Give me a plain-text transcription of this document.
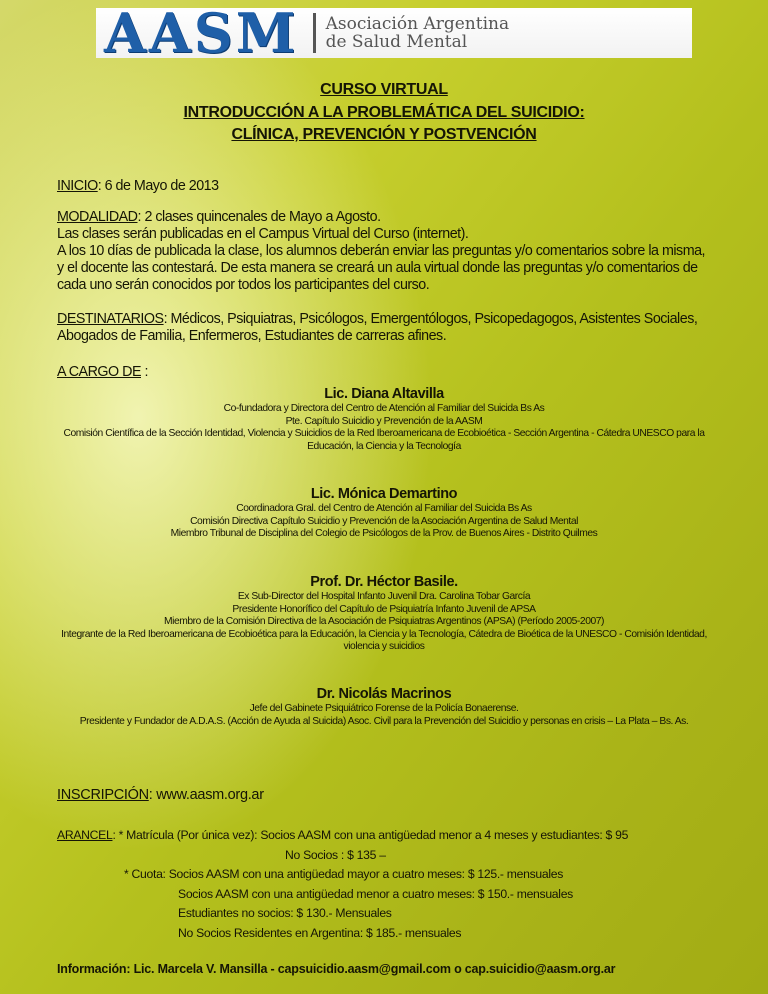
AASM Asociación Argentina
de Salud Mental
CURSO VIRTUAL
INTRODUCCIÓN A LA PROBLEMÁTICA DEL SUICIDIO:
CLÍNICA, PREVENCIÓN Y POSTVENCIÓN

INICIO: 6 de Mayo de 2013

MODALIDAD: 2 clases quincenales de Mayo a Agosto.
Las clases serán publicadas en el Campus Virtual del Curso (internet).
A los 10 días de publicada la clase, los alumnos deberán enviar las preguntas y/o comentarios sobre la misma, y el docente las contestará. De esta manera se creará un aula virtual donde las preguntas y/o comentarios de cada uno serán conocidos por todos los participantes del curso.

DESTINATARIOS: Médicos, Psiquiatras, Psicólogos, Emergentólogos, Psicopedagogos, Asistentes Sociales, Abogados de Familia, Enfermeros, Estudiantes de carreras afines.

A CARGO DE :

Lic. Diana Altavilla
Co-fundadora y Directora del Centro de Atención al Familiar del Suicida Bs As
Pte. Capítulo Suicidio y Prevención de la AASM
Comisión Científica de la Sección Identidad, Violencia y Suicidios de la Red Iberoamericana de Ecobioética - Sección Argentina - Cátedra UNESCO para la Educación, la Ciencia y la Tecnología
Lic. Mónica Demartino
Coordinadora Gral. del Centro de Atención al Familiar del Suicida Bs As
Comisión Directiva Capítulo Suicidio y Prevención de la Asociación Argentina de Salud Mental
Miembro Tribunal de Disciplina del Colegio de Psicólogos de la Prov. de Buenos Aires - Distrito Quilmes
Prof. Dr. Héctor Basile.
Ex Sub-Director del Hospital Infanto Juvenil Dra. Carolina Tobar García
Presidente Honorífico del Capítulo de Psiquiatría Infanto Juvenil de APSA
Miembro de la Comisión Directiva de la Asociación de Psiquiatras Argentinos (APSA) (Período 2005-2007)
Integrante de la Red Iberoamericana de Ecobioética para la Educación, la Ciencia y la Tecnología, Cátedra de Bioética de la UNESCO - Comisión Identidad, violencia y suicidios
Dr. Nicolás Macrinos
Jefe del Gabinete Psiquiátrico Forense de la Policía Bonaerense.
Presidente y Fundador de A.D.A.S. (Acción de Ayuda al Suicida) Asoc. Civil para la Prevención del Suicidio y personas en crisis – La Plata – Bs. As.
INSCRIPCIÓN: www.aasm.org.ar
ARANCEL: * Matrícula (Por única vez): Socios AASM con una antigüedad menor a 4 meses y estudiantes: $ 95
No Socios : $ 135 –
* Cuota: Socios AASM con una antigüedad mayor a cuatro meses: $ 125.- mensuales
Socios AASM con una antigüedad menor a cuatro meses: $ 150.- mensuales
Estudiantes no socios: $ 130.- Mensuales
No Socios Residentes en Argentina: $ 185.- mensuales
Información: Lic. Marcela V. Mansilla - capsuicidio.aasm@gmail.com o cap.suicidio@aasm.org.ar
